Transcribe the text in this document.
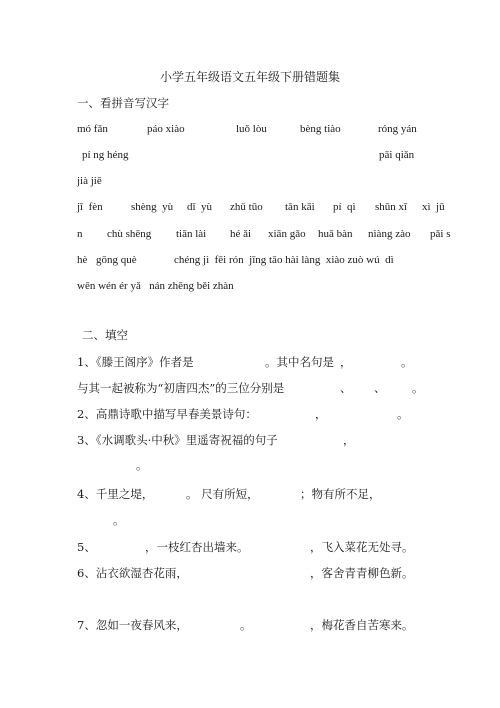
小学五年级语文五年级下册错题集
一、看拼音写汉字
mó fǎn	páo xiào	luǒ lòu	bèng tiào	róng yán
pí ng héng	pāi qiǎn
jià jiē
jī  fèn	shèng  yù dǐ  yù zhǔ tūo tān kāi pí  qì shūn xī xì  jū
n chù shēng tiān lài hé ǎi xiān gǎo huā bàn niàng zào pǎi s
hè gōng què	chéng jì  fēi rón  jīng tāo hài làng  xiào zuò wú  dì
wēn wén ér yǎ   nán zhēng běi zhàn
二、填空
1、《滕王阁序》作者是	。其中名句是 ，	。
与其一起被称为“初唐四杰”的三位分别是	、 、 。
2、高鼎诗歌中描写早春美景诗句：	，	。
3、《水调歌头·中秋》里遥寄祝福的句子	，
。
4、千里之堤，	。 尺有所短，	；物有所不足，
。
5、	，一枝红杏出墙来。	，飞入菜花无处寻。
6、沾衣欲湿杏花雨，	，客舍青青柳色新。
7、忽如一夜春风来，	。	，梅花香自苦寒来。
